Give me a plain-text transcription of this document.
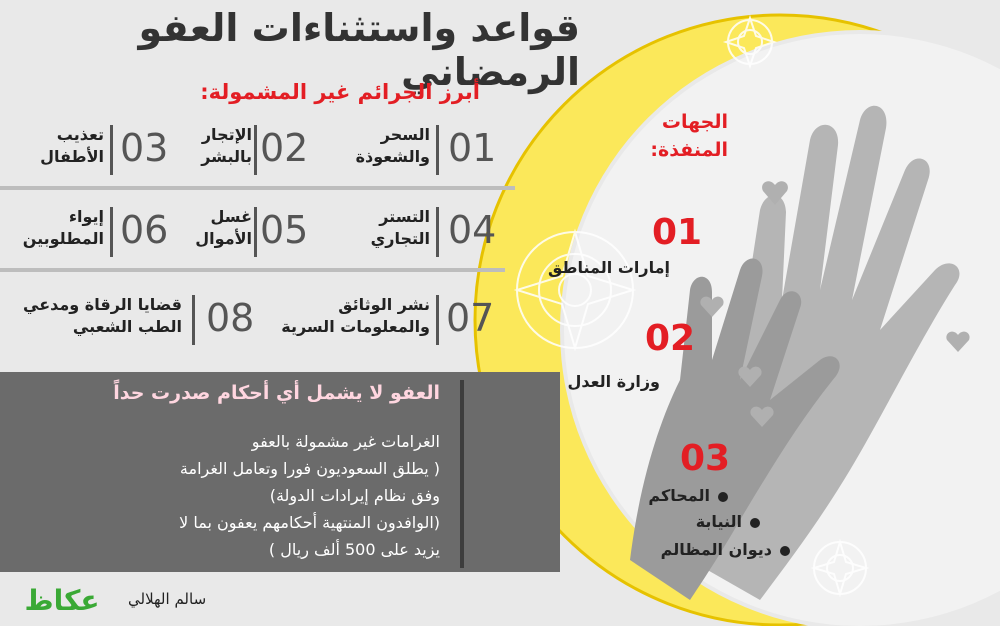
قواعد واستثناءات العفو الرمضاني
أبرز الجرائم غير المشمولة:
01
السحر
والشعوذة
02
الإتجار
بالبشر
03
تعذيب
الأطفال
04
التستر
التجاري
05
غسل
الأموال
06
إيواء
المطلوبين
07
نشر الوثائق
والمعلومات السرية
08
قضايا الرقاة ومدعي
الطب الشعبي
العفو لا يشمل أي أحكام صدرت حداً
الغرامات غير مشمولة بالعفو
( يطلق السعوديون فورا وتعامل الغرامة
وفق نظام إيرادات الدولة)
(الوافدون المنتهية أحكامهم يعفون بما لا
يزيد على 500 ألف ريال )
الجهات
المنفذة:
01
إمارات المناطق
02
وزارة العدل
03
المحاكم
النيابة
ديوان المظالم
سالم الهلالي
عكاظ
